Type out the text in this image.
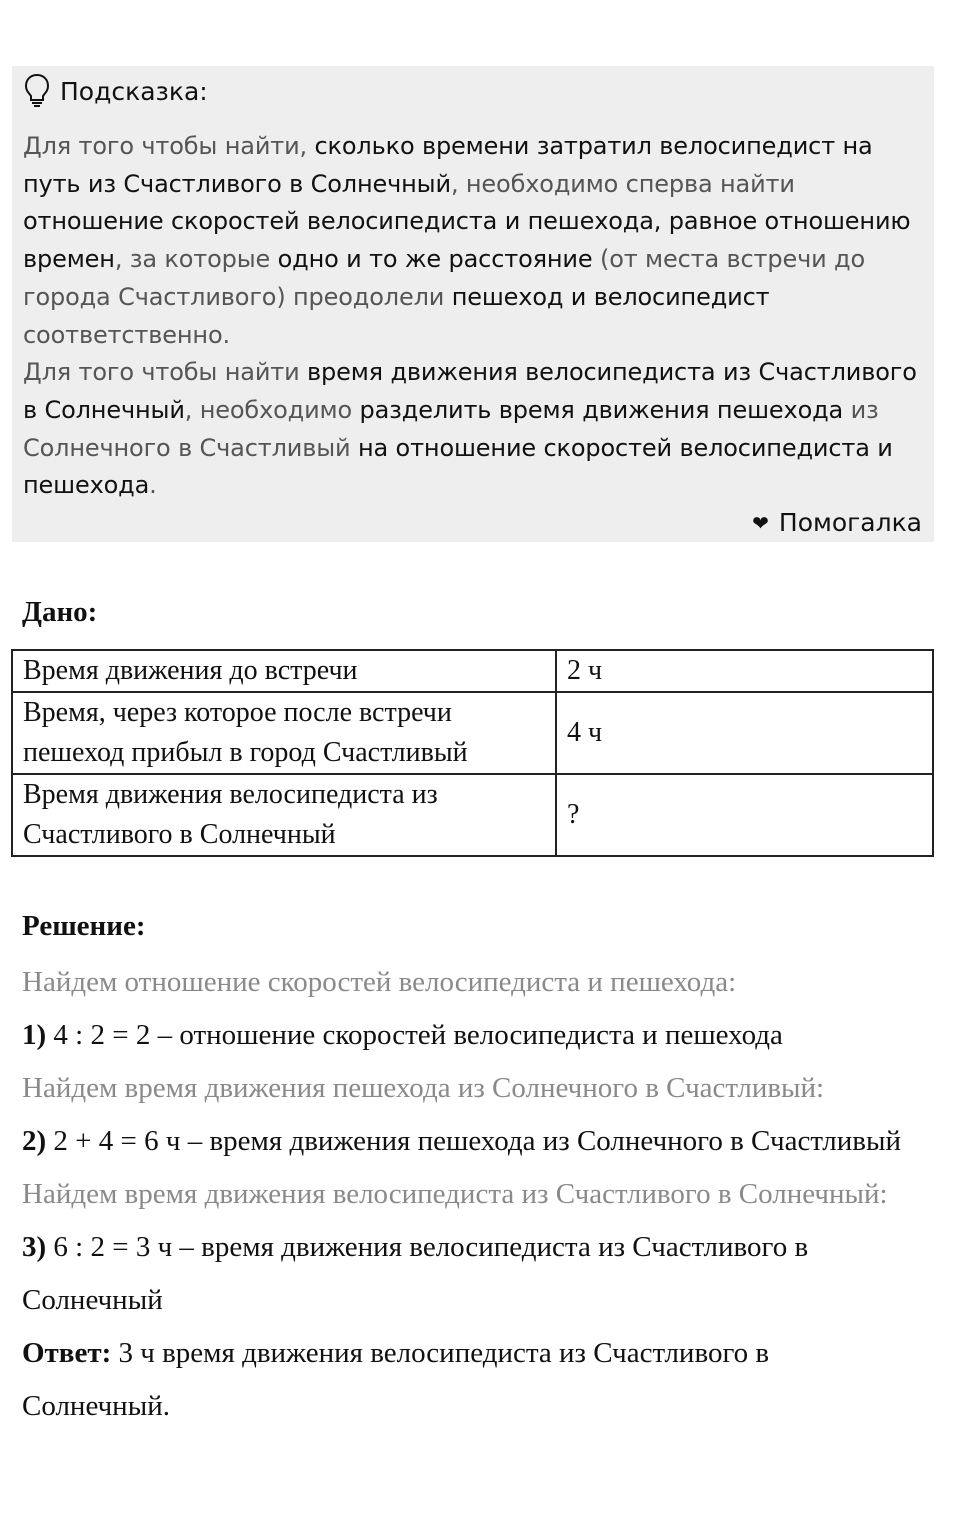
Подсказка:
Для того чтобы найти, сколько времени затратил велосипедист на путь из Счастливого в Солнечный, необходимо сперва найти отношение скоростей велосипедиста и пешехода, равное отношению времен, за которые одно и то же расстояние (от места встречи до города Счастливого) преодолели пешеход и велосипедист соответственно.
Для того чтобы найти время движения велосипедиста из Счастливого в Солнечный, необходимо разделить время движения пешехода из Солнечного в Счастливый на отношение скоростей велосипедиста и пешехода.
❤ Помогалка
Дано:
Время движения до встречи	2 ч
Время, через которое после встречи пешеход прибыл в город Счастливый	4 ч
Время движения велосипедиста из Счастливого в Солнечный	?
Решение:
Найдем отношение скоростей велосипедиста и пешехода:
1) 4 : 2 = 2 – отношение скоростей велосипедиста и пешехода
Найдем время движения пешехода из Солнечного в Счастливый:
2) 2 + 4 = 6 ч – время движения пешехода из Солнечного в Счастливый
Найдем время движения велосипедиста из Счастливого в Солнечный:
3) 6 : 2 = 3 ч – время движения велосипедиста из Счастливого в Солнечный
Ответ: 3 ч время движения велосипедиста из Счастливого в Солнечный.
